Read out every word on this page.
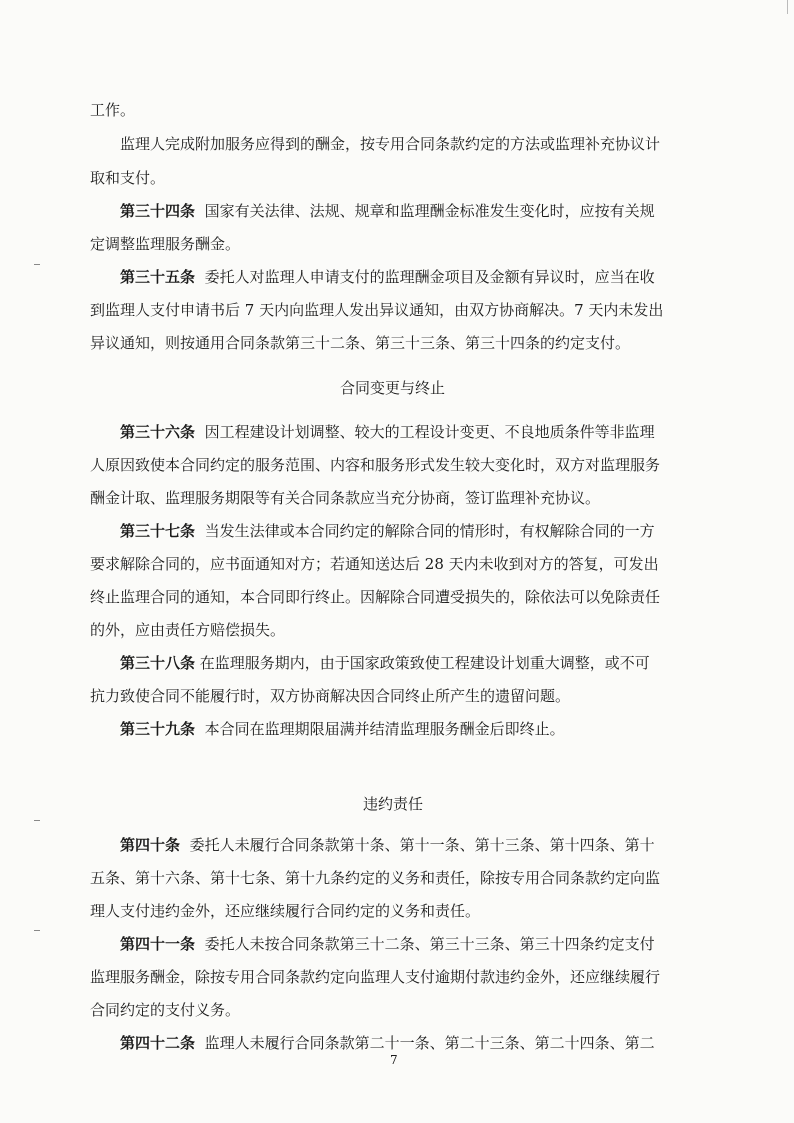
工作。
监理人完成附加服务应得到的酬金，按专用合同条款约定的方法或监理补充协议计
取和支付。
第三十四条 国家有关法律、法规、规章和监理酬金标准发生变化时，应按有关规
定调整监理服务酬金。
第三十五条 委托人对监理人申请支付的监理酬金项目及金额有异议时，应当在收
到监理人支付申请书后 7 天内向监理人发出异议通知，由双方协商解决。7 天内未发出
异议通知，则按通用合同条款第三十二条、第三十三条、第三十四条的约定支付。
合同变更与终止
第三十六条 因工程建设计划调整、较大的工程设计变更、不良地质条件等非监理
人原因致使本合同约定的服务范围、内容和服务形式发生较大变化时，双方对监理服务
酬金计取、监理服务期限等有关合同条款应当充分协商，签订监理补充协议。
第三十七条 当发生法律或本合同约定的解除合同的情形时，有权解除合同的一方
要求解除合同的，应书面通知对方；若通知送达后 28 天内未收到对方的答复，可发出
终止监理合同的通知，本合同即行终止。因解除合同遭受损失的，除依法可以免除责任
的外，应由责任方赔偿损失。
第三十八条 在监理服务期内，由于国家政策致使工程建设计划重大调整，或不可
抗力致使合同不能履行时，双方协商解决因合同终止所产生的遗留问题。
第三十九条 本合同在监理期限届满并结清监理服务酬金后即终止。
违约责任
第四十条 委托人未履行合同条款第十条、第十一条、第十三条、第十四条、第十
五条、第十六条、第十七条、第十九条约定的义务和责任，除按专用合同条款约定向监
理人支付违约金外，还应继续履行合同约定的义务和责任。
第四十一条 委托人未按合同条款第三十二条、第三十三条、第三十四条约定支付
监理服务酬金，除按专用合同条款约定向监理人支付逾期付款违约金外，还应继续履行
合同约定的支付义务。
第四十二条 监理人未履行合同条款第二十一条、第二十三条、第二十四条、第二
7
